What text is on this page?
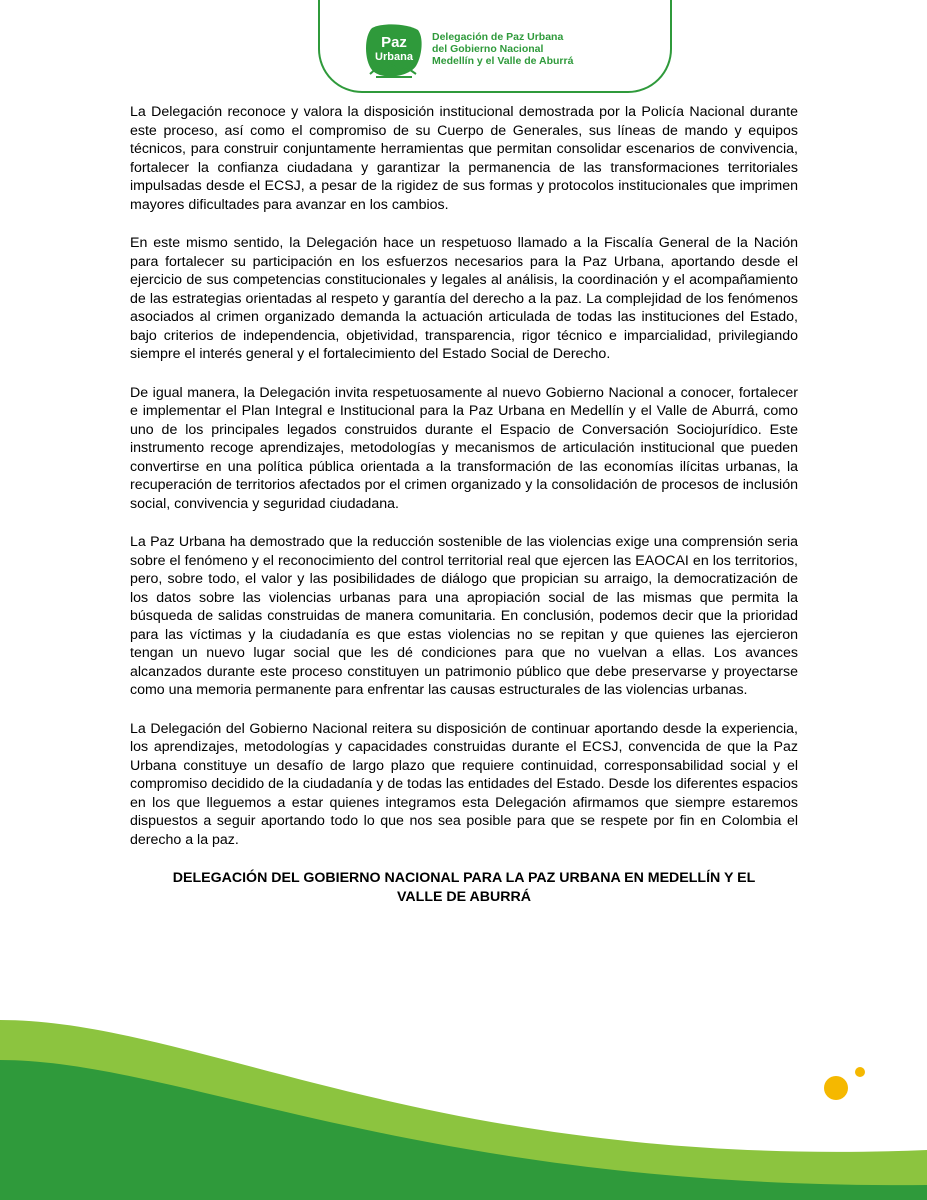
Paz
Urbana
Delegación de Paz Urbana
del Gobierno Nacional
Medellín y el Valle de Aburrá

La Delegación reconoce y valora la disposición institucional demostrada por la Policía Nacional durante este proceso, así como el compromiso de su Cuerpo de Generales, sus líneas de mando y equipos técnicos, para construir conjuntamente herramientas que permitan consolidar escenarios de convivencia, fortalecer la confianza ciudadana y garantizar la permanencia de las transformaciones territoriales impulsadas desde el ECSJ, a pesar de la rigidez de sus formas y protocolos institucionales que imprimen mayores dificultades para avanzar en los cambios.

En este mismo sentido, la Delegación hace un respetuoso llamado a la Fiscalía General de la Nación para fortalecer su participación en los esfuerzos necesarios para la Paz Urbana, aportando desde el ejercicio de sus competencias constitucionales y legales al análisis, la coordinación y el acompañamiento de las estrategias orientadas al respeto y garantía del derecho a la paz. La complejidad de los fenómenos asociados al crimen organizado demanda la actuación articulada de todas las instituciones del Estado, bajo criterios de independencia, objetividad, transparencia, rigor técnico e imparcialidad, privilegiando siempre el interés general y el fortalecimiento del Estado Social de Derecho.

De igual manera, la Delegación invita respetuosamente al nuevo Gobierno Nacional a conocer, fortalecer e implementar el Plan Integral e Institucional para la Paz Urbana en Medellín y el Valle de Aburrá, como uno de los principales legados construidos durante el Espacio de Conversación Sociojurídico. Este instrumento recoge aprendizajes, metodologías y mecanismos de articulación institucional que pueden convertirse en una política pública orientada a la transformación de las economías ilícitas urbanas, la recuperación de territorios afectados por el crimen organizado y la consolidación de procesos de inclusión social, convivencia y seguridad ciudadana.

La Paz Urbana ha demostrado que la reducción sostenible de las violencias exige una comprensión seria sobre el fenómeno y el reconocimiento del control territorial real que ejercen las EAOCAI en los territorios, pero, sobre todo, el valor y las posibilidades de diálogo que propician su arraigo, la democratización de los datos sobre las violencias urbanas para una apropiación social de las mismas que permita la búsqueda de salidas construidas de manera comunitaria. En conclusión, podemos decir que la prioridad para las víctimas y la ciudadanía es que estas violencias no se repitan y que quienes las ejercieron tengan un nuevo lugar social que les dé condiciones para que no vuelvan a ellas. Los avances alcanzados durante este proceso constituyen un patrimonio público que debe preservarse y proyectarse como una memoria permanente para enfrentar las causas estructurales de las violencias urbanas.

La Delegación del Gobierno Nacional reitera su disposición de continuar aportando desde la experiencia, los aprendizajes, metodologías y capacidades construidas durante el ECSJ, convencida de que la Paz Urbana constituye un desafío de largo plazo que requiere continuidad, corresponsabilidad social y el compromiso decidido de la ciudadanía y de todas las entidades del Estado. Desde los diferentes espacios en los que lleguemos a estar quienes integramos esta Delegación afirmamos que siempre estaremos dispuestos a seguir aportando todo lo que nos sea posible para que se respete por fin en Colombia el derecho a la paz.

DELEGACIÓN DEL GOBIERNO NACIONAL PARA LA PAZ URBANA EN MEDELLÍN Y EL
VALLE DE ABURRÁ
